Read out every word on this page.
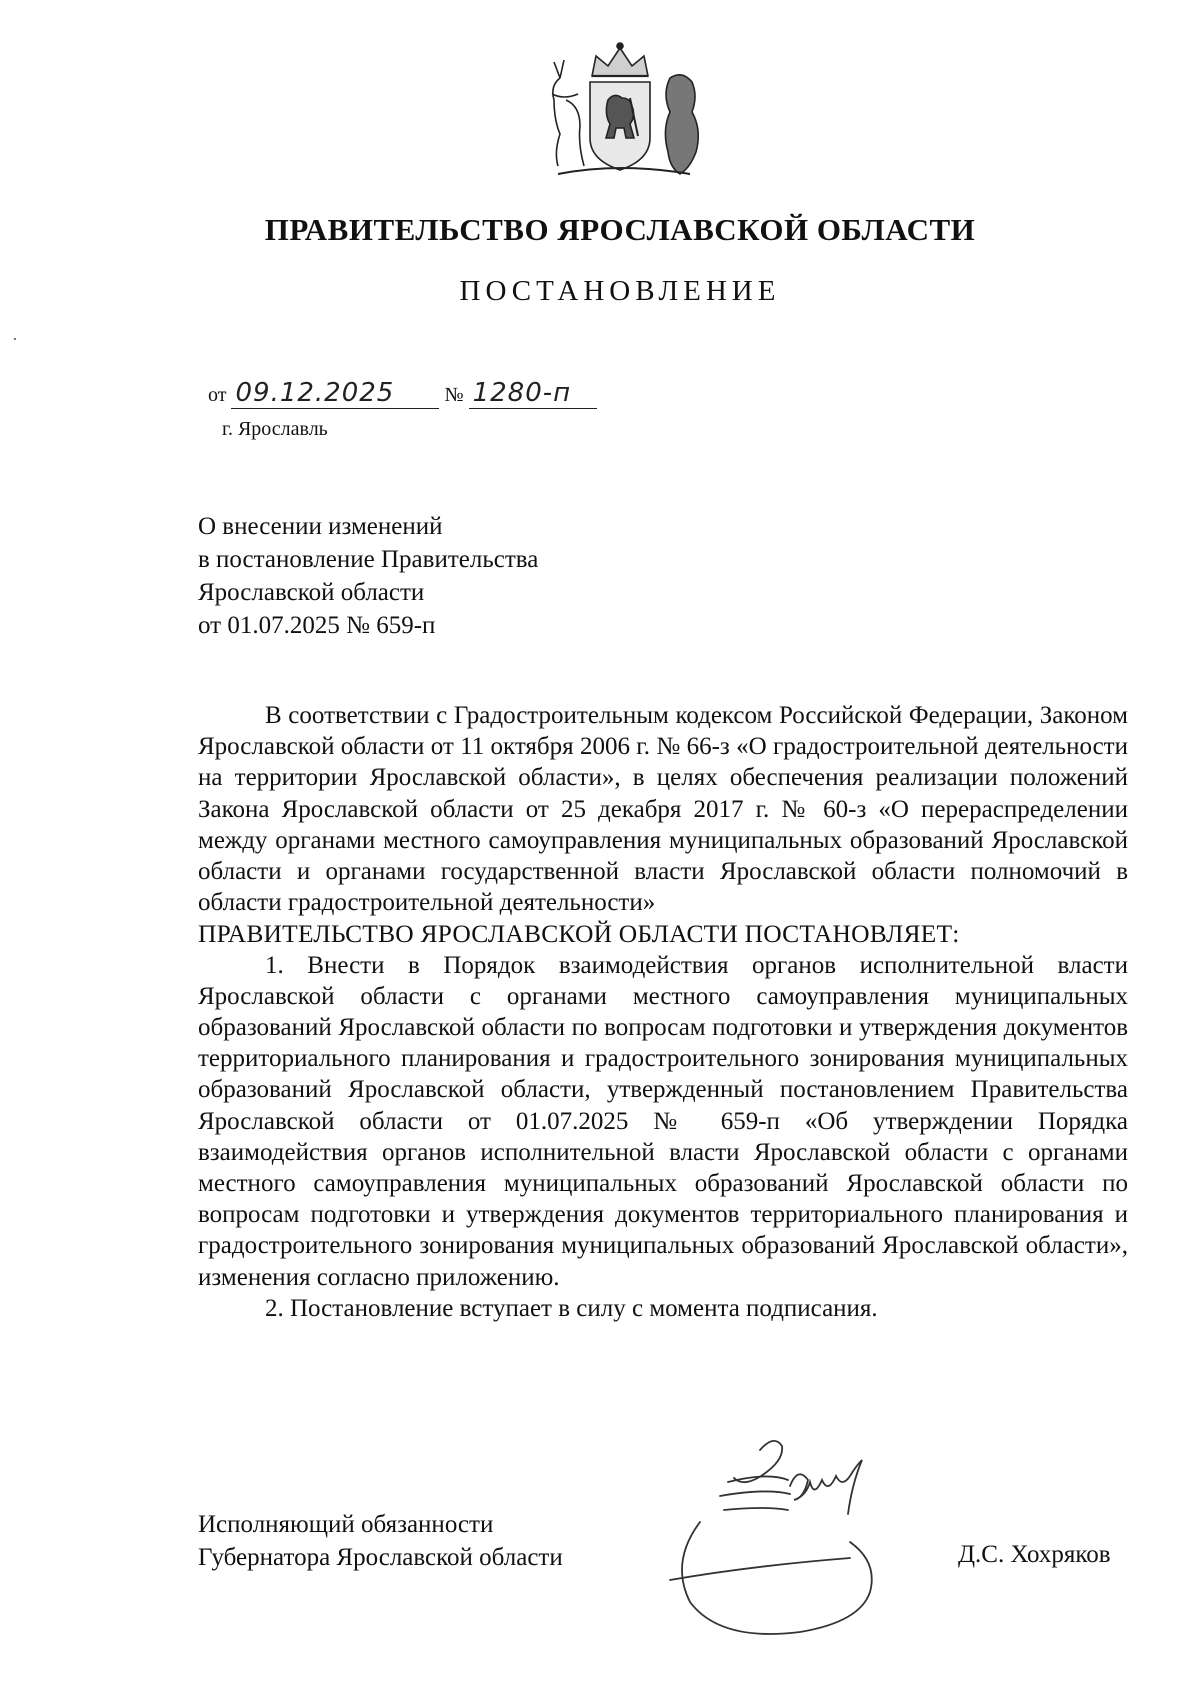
ПРАВИТЕЛЬСТВО ЯРОСЛАВСКОЙ ОБЛАСТИ
ПОСТАНОВЛЕНИЕ
от 09.12.2025	№ 1280-п
г. Ярославль
О внесении изменений
в постановление Правительства
Ярославской области
от 01.07.2025 № 659-п

В соответствии с Градостроительным кодексом Российской Федерации, Законом Ярославской области от 11 октября 2006 г. № 66-з «О градостроительной деятельности на территории Ярославской области», в целях обеспечения реализации положений Закона Ярославской области от 25 декабря 2017 г. № 60-з «О перераспределении между органами местного самоуправления муниципальных образований Ярославской области и органами государственной власти Ярославской области полномочий в области градостроительной деятельности»

ПРАВИТЕЛЬСТВО ЯРОСЛАВСКОЙ ОБЛАСТИ ПОСТАНОВЛЯЕТ:

1. Внести в Порядок взаимодействия органов исполнительной власти Ярославской области с органами местного самоуправления муниципальных образований Ярославской области по вопросам подготовки и утверждения документов территориального планирования и градостроительного зонирования муниципальных образований Ярославской области, утвержденный постановлением Правительства Ярославской области от 01.07.2025 № 659-п «Об утверждении Порядка взаимодействия органов исполнительной власти Ярославской области с органами местного самоуправления муниципальных образований Ярославской области по вопросам подготовки и утверждения документов территориального планирования и градостроительного зонирования муниципальных образований Ярославской области», изменения согласно приложению.

2. Постановление вступает в силу с момента подписания.

Исполняющий обязанности
Губернатора Ярославской области	Д.С. Хохряков
